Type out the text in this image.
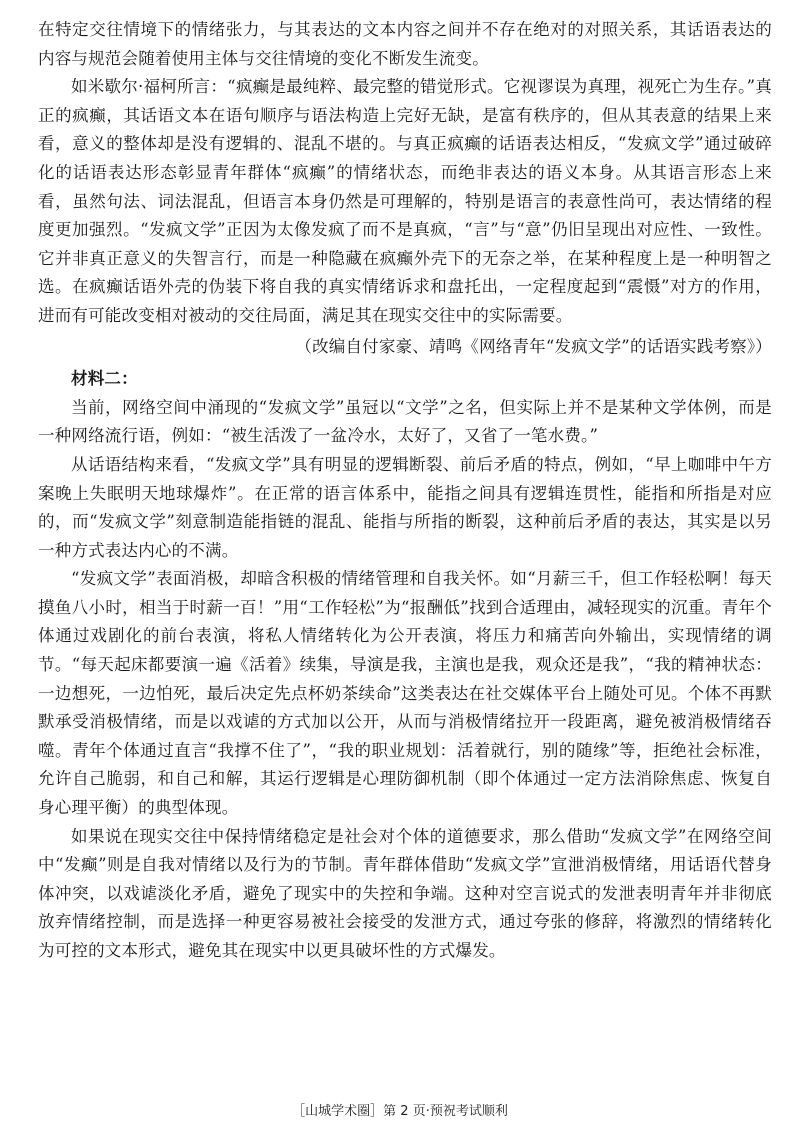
在特定交往情境下的情绪张力，与其表达的文本内容之间并不存在绝对的对照关系，其话语表达的内容与规范会随着使用主体与交往情境的变化不断发生流变。

如米歇尔·福柯所言：“疯癫是最纯粹、最完整的错觉形式。它视谬误为真理，视死亡为生存。”真正的疯癫，其话语文本在语句顺序与语法构造上完好无缺，是富有秩序的，但从其表意的结果上来看，意义的整体却是没有逻辑的、混乱不堪的。与真正疯癫的话语表达相反，“发疯文学”通过破碎化的话语表达形态彰显青年群体“疯癫”的情绪状态，而绝非表达的语义本身。从其语言形态上来看，虽然句法、词法混乱，但语言本身仍然是可理解的，特别是语言的表意性尚可，表达情绪的程度更加强烈。“发疯文学”正因为太像发疯了而不是真疯，“言”与“意”仍旧呈现出对应性、一致性。它并非真正意义的失智言行，而是一种隐藏在疯癫外壳下的无奈之举，在某种程度上是一种明智之选。在疯癫话语外壳的伪装下将自我的真实情绪诉求和盘托出，一定程度起到“震慑”对方的作用，进而有可能改变相对被动的交往局面，满足其在现实交往中的实际需要。

（改编自付家豪、靖鸣《网络青年“发疯文学”的话语实践考察》）

材料二：

当前，网络空间中涌现的“发疯文学”虽冠以“文学”之名，但实际上并不是某种文学体例，而是一种网络流行语，例如：“被生活泼了一盆冷水，太好了，又省了一笔水费。”

从话语结构来看，“发疯文学”具有明显的逻辑断裂、前后矛盾的特点，例如，“早上咖啡中午方案晚上失眠明天地球爆炸”。在正常的语言体系中，能指之间具有逻辑连贯性，能指和所指是对应的，而“发疯文学”刻意制造能指链的混乱、能指与所指的断裂，这种前后矛盾的表达，其实是以另一种方式表达内心的不满。

“发疯文学”表面消极，却暗含积极的情绪管理和自我关怀。如“月薪三千，但工作轻松啊！每天摸鱼八小时，相当于时薪一百！”用“工作轻松”为“报酬低”找到合适理由，减轻现实的沉重。青年个体通过戏剧化的前台表演，将私人情绪转化为公开表演，将压力和痛苦向外输出，实现情绪的调节。“每天起床都要演一遍《活着》续集，导演是我，主演也是我，观众还是我”，“我的精神状态：一边想死，一边怕死，最后决定先点杯奶茶续命”这类表达在社交媒体平台上随处可见。个体不再默默承受消极情绪，而是以戏谑的方式加以公开，从而与消极情绪拉开一段距离，避免被消极情绪吞噬。青年个体通过直言“我撑不住了”，“我的职业规划：活着就行，别的随缘”等，拒绝社会标准，允许自己脆弱，和自己和解，其运行逻辑是心理防御机制（即个体通过一定方法消除焦虑、恢复自身心理平衡）的典型体现。

如果说在现实交往中保持情绪稳定是社会对个体的道德要求，那么借助“发疯文学”在网络空间中“发癫”则是自我对情绪以及行为的节制。青年群体借助“发疯文学”宣泄消极情绪，用话语代替身体冲突，以戏谑淡化矛盾，避免了现实中的失控和争端。这种对空言说式的发泄表明青年并非彻底放弃情绪控制，而是选择一种更容易被社会接受的发泄方式，通过夸张的修辞，将激烈的情绪转化为可控的文本形式，避免其在现实中以更具破坏性的方式爆发。

［山城学术圈］第 2 页·预祝考试顺利
